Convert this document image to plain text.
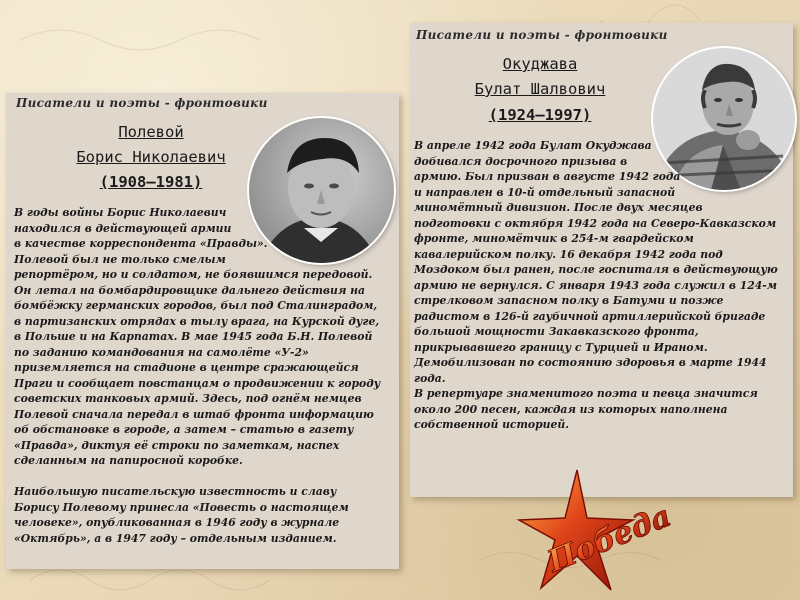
Писатели и поэты - фронтовики
Полевой
Борис Николаевич
(1908–1981)
В годы войны Борис Николаевич
находился в действующей армии
в качестве корреспондента «Правды».
Полевой был не только смелым
репортёром, но и солдатом, не боявшимся передовой.
Он летал на бомбардировщике дальнего действия на
бомбёжку германских городов, был под Сталинградом,
в партизанских отрядах в тылу врага, на Курской дуге,
в Польше и на Карпатах. В мае 1945 года Б.Н. Полевой
по заданию командования на самолёте «У-2»
приземляется на стадионе в центре сражающейся
Праги и сообщает повстанцам о продвижении к городу
советских танковых армий. Здесь, под огнём немцев
Полевой сначала передал в штаб фронта информацию
об обстановке в городе, а затем – статью в газету
«Правда», диктуя её строки по заметкам, наспех
сделанным на папиросной коробке.
Наибольшую писательскую известность и славу
Борису Полевому принесла «Повесть о настоящем
человеке», опубликованная в 1946 году в журнале
«Октябрь», а в 1947 году – отдельным изданием.
Писатели и поэты - фронтовики
Окуджава
Булат Шалвович
(1924—1997)
В апреле 1942 года Булат Окуджава
добивался досрочного призыва в
армию. Был призван в августе 1942 года
и направлен в 10-й отдельный запасной
миномётный дивизион. После двух месяцев
подготовки с октября 1942 года на Северо-Кавказском
фронте, миномётчик в 254-м гвардейском
кавалерийском полку. 16 декабря 1942 года под
Моздоком был ранен, после госпиталя в действующую
армию не вернулся. С января 1943 года служил в 124-м
стрелковом запасном полку в Батуми и позже
радистом в 126-й гаубичной артиллерийской бригаде
большой мощности Закавказского фронта,
прикрывавшего границу с Турцией и Ираном.
Демобилизован по состоянию здоровья в марте 1944
года.
В репертуаре знаменитого поэта и певца значится
около 200 песен, каждая из которых наполнена
собственной историей.
Победа
